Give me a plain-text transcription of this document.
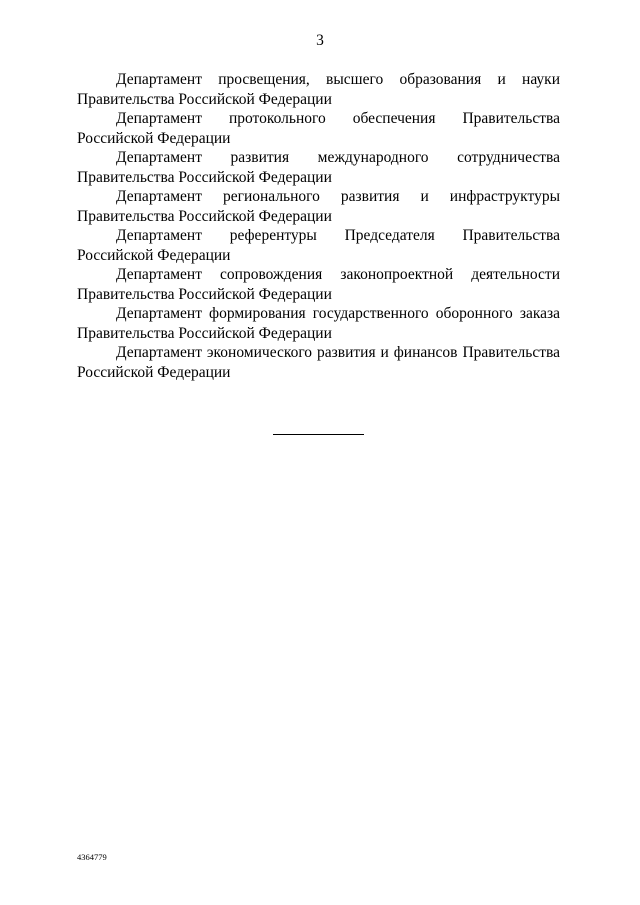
3

Департамент просвещения, высшего образования и науки Правительства Российской Федерации

Департамент протокольного обеспечения Правительства Российской Федерации

Департамент развития международного сотрудничества Правительства Российской Федерации

Департамент регионального развития и инфраструктуры Правительства Российской Федерации

Департамент референтуры Председателя Правительства Российской Федерации

Департамент сопровождения законопроектной деятельности Правительства Российской Федерации

Департамент формирования государственного оборонного заказа Правительства Российской Федерации

Департамент экономического развития и финансов Правительства Российской Федерации

4364779
